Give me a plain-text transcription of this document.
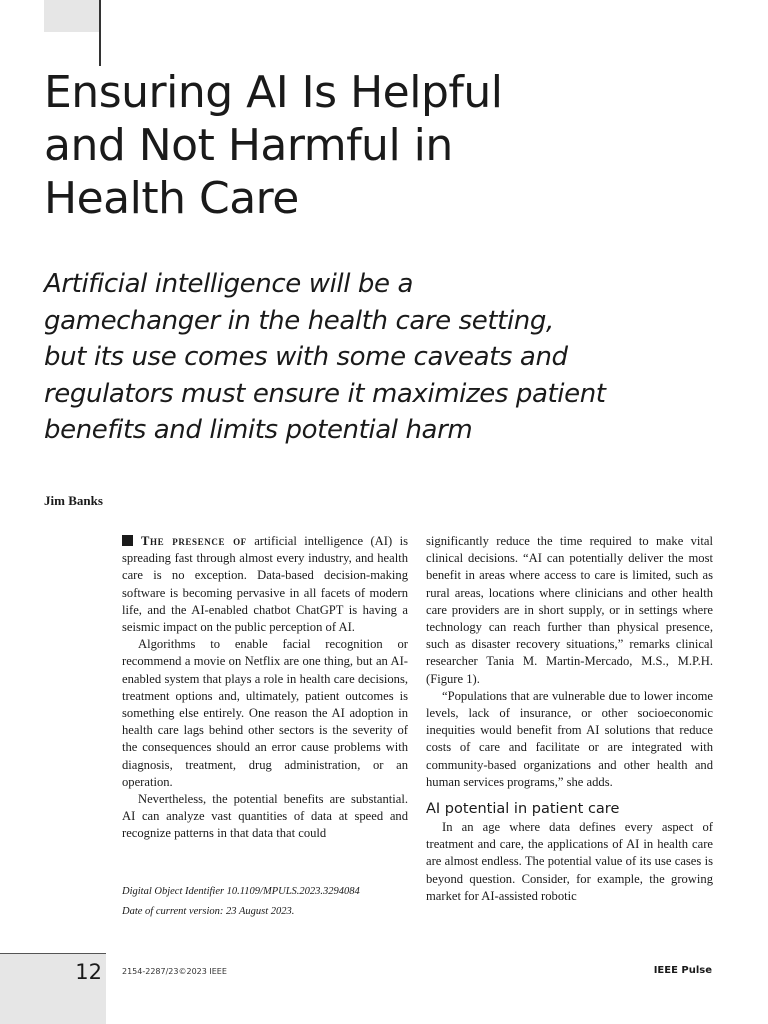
Ensuring AI Is Helpful
and Not Harmful in
Health Care

Artificial intelligence will be a
gamechanger in the health care setting,
but its use comes with some caveats and
regulators must ensure it maximizes patient
benefits and limits potential harm

Jim Banks

The presence of artificial intelligence (AI) is spreading fast through almost every industry, and health care is no exception. Data-based decision-making software is becoming pervasive in all facets of modern life, and the AI-enabled chatbot ChatGPT is having a seismic impact on the public perception of AI.

Algorithms to enable facial recognition or recommend a movie on Netflix are one thing, but an AI-enabled system that plays a role in health care decisions, treatment options and, ultimately, patient outcomes is something else entirely. One reason the AI adoption in health care lags behind other sectors is the severity of the consequences should an error cause problems with diagnosis, treatment, drug administration, or an operation.

Nevertheless, the potential benefits are substantial. AI can analyze vast quantities of data at speed and recognize patterns in that data that could

significantly reduce the time required to make vital clinical decisions. “AI can potentially deliver the most benefit in areas where access to care is limited, such as rural areas, locations where clinicians and other health care providers are in short supply, or in settings where technology can reach further than physical presence, such as disaster recovery situations,” remarks clinical researcher Tania M. Martin-Mercado, M.S., M.P.H. (Figure 1).

“Populations that are vulnerable due to lower income levels, lack of insurance, or other socioeconomic inequities would benefit from AI solutions that reduce costs of care and facilitate or are integrated with community-based organizations and other health and human services programs,” she adds.

AI potential in patient care

In an age where data defines every aspect of treatment and care, the applications of AI in health care are almost endless. The potential value of its use cases is beyond question. Consider, for example, the growing market for AI-assisted robotic

Digital Object Identifier 10.1109/MPULS.2023.3294084
Date of current version: 23 August 2023.
12	2154-2287/23©2023 IEEE	IEEE Pulse
